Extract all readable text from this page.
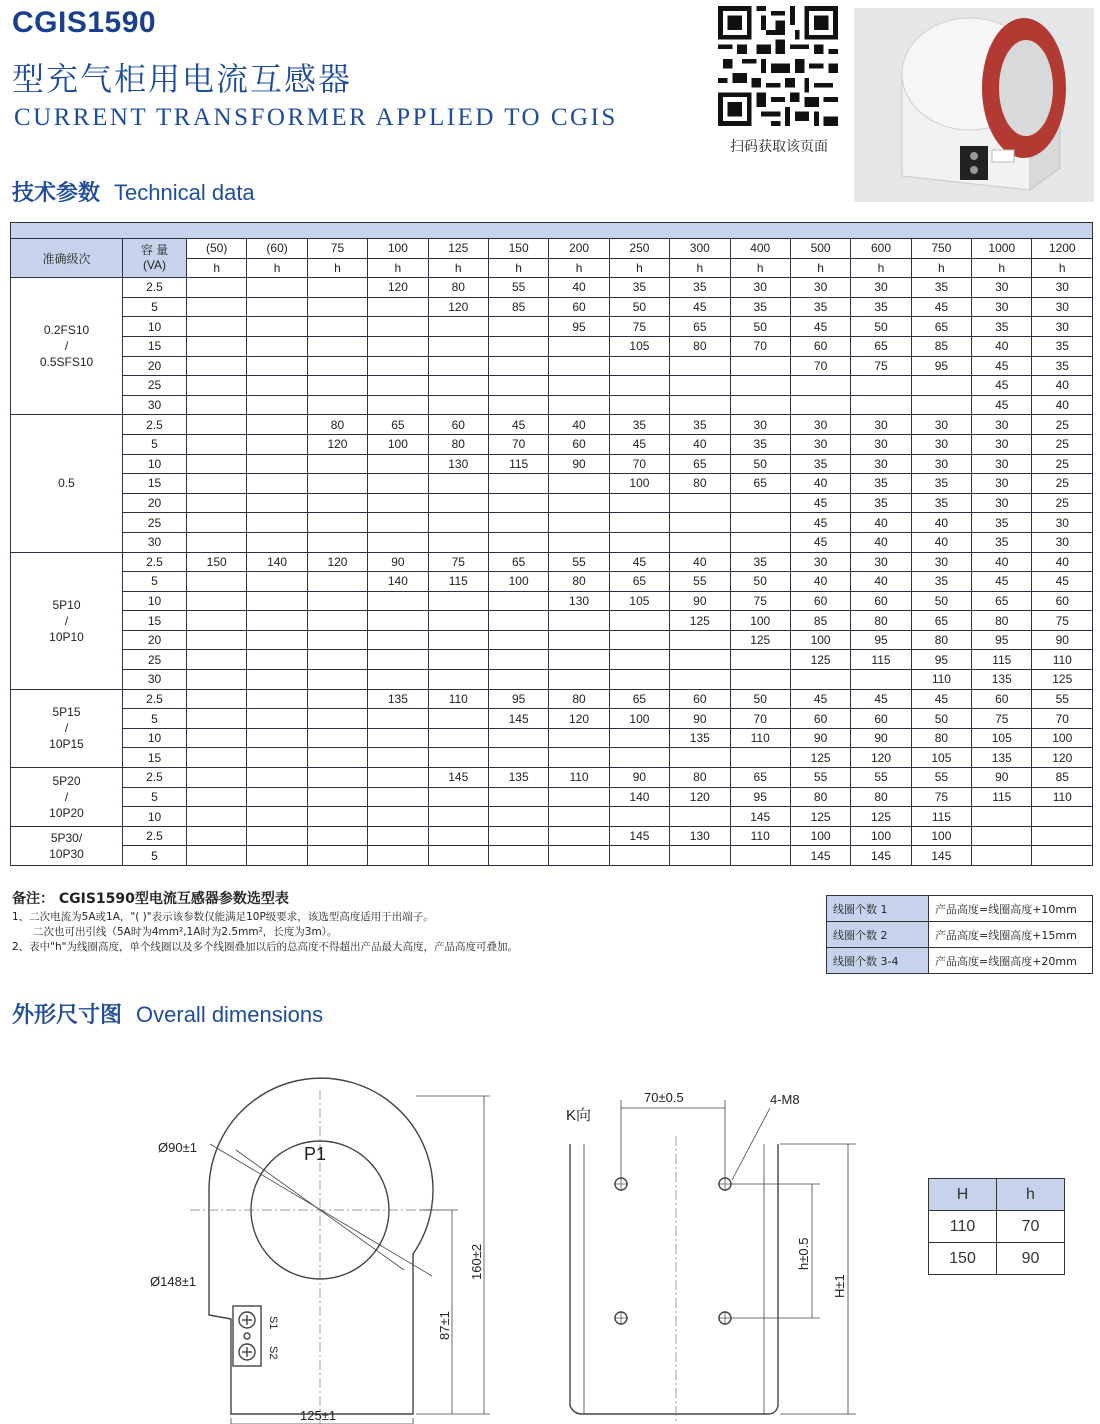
CGIS1590
型充气柜用电流互感器
CURRENT TRANSFORMER APPLIED TO CGIS
扫码获取该页面
技术参数 Technical data

准确级次	容 量
(VA)	(50)	(60)	75	100	125	150	200	250	300	400	500	600	750	1000	1200
		h	h	h	h	h	h	h	h	h	h	h	h	h	h	h

0.2FS10
/
0.5SFS10	2.5				120	80	55	40	35	35	30	30	30	35	30	30
	5					120	85	60	50	45	35	35	35	45	30	30
	10							95	75	65	50	45	50	65	35	30
	15								105	80	70	60	65	85	40	35
	20											70	75	95	45	35
	25														45	40
	30														45	40

0.5	2.5			80	65	60	45	40	35	35	30	30	30	30	30	25
	5			120	100	80	70	60	45	40	35	30	30	30	30	25
	10					130	115	90	70	65	50	35	30	30	30	25
	15								100	80	65	40	35	35	30	25
	20											45	35	35	30	25
	25											45	40	40	35	30
	30											45	40	40	35	30

5P10
/
10P10	2.5	150	140	120	90	75	65	55	45	40	35	30	30	30	40	40
	5				140	115	100	80	65	55	50	40	40	35	45	45
	10							130	105	90	75	60	60	50	65	60
	15									125	100	85	80	65	80	75
	20										125	100	95	80	95	90
	25											125	115	95	115	110
	30													110	135	125

5P15
/
10P15	2.5				135	110	95	80	65	60	50	45	45	45	60	55
	5						145	120	100	90	70	60	60	50	75	70
	10									135	110	90	90	80	105	100
	15											125	120	105	135	120

5P20
/
10P20	2.5					145	135	110	90	80	65	55	55	55	90	85
	5								140	120	95	80	80	75	115	110
	10										145	125	125	115		

5P30/
10P30	2.5								145	130	110	100	100	100		
	5											145	145	145		
备注： CGIS1590型电流互感器参数选型表
1、二次电流为5A或1A，"( )"表示该参数仅能满足10P级要求，该选型高度适用于出端子。
　　二次也可出引线（5A时为4mm²,1A时为2.5mm²，长度为3m）。
2、表中"h"为线圈高度，单个线圈以及多个线圈叠加以后的总高度不得超出产品最大高度，产品高度可叠加。
线圈个数 1	产品高度=线圈高度+10mm
线圈个数 2	产品高度=线圈高度+15mm
线圈个数 3-4	产品高度=线圈高度+20mm
外形尺寸图 Overall dimensions
Ø90±1	P1
Ø148±1
S1
S2
160±2
87±1
125±1
K向
70±0.5	4-M8
h±0.5
H±1
H	h
110	70
150	90
